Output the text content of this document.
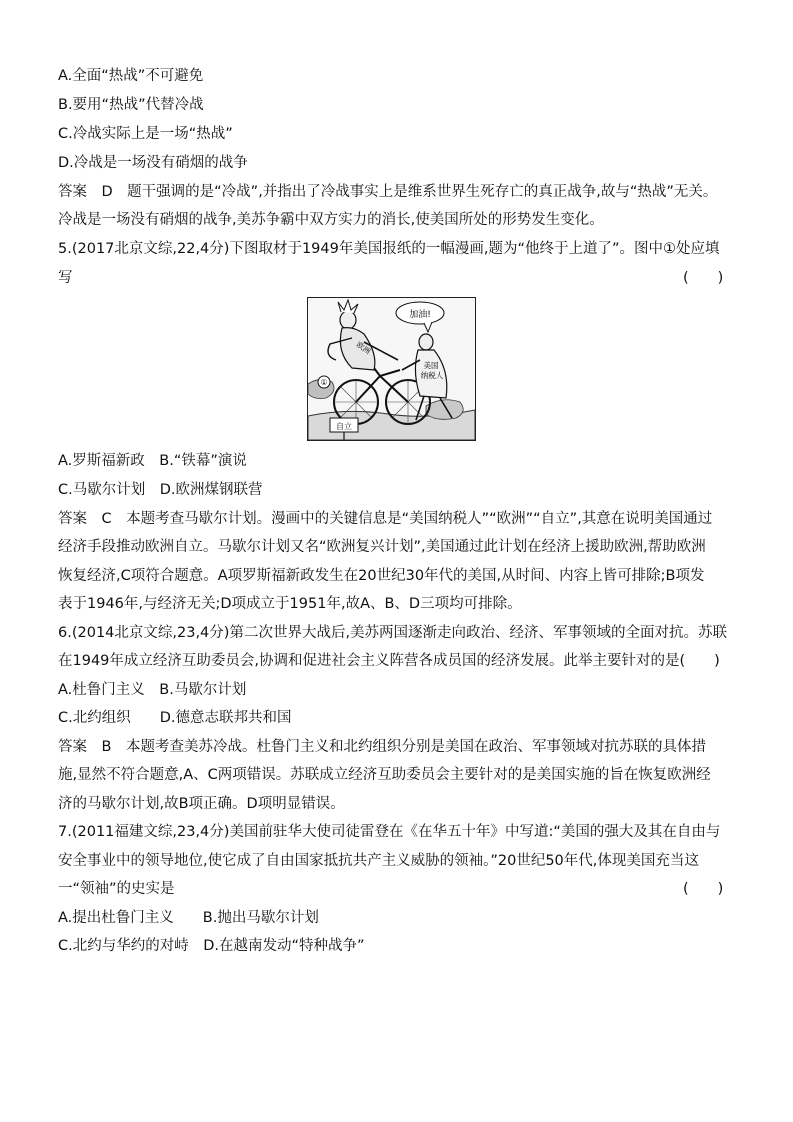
A.全面“热战”不可避免
B.要用“热战”代替冷战
C.冷战实际上是一场“热战”
D.冷战是一场没有硝烟的战争
答案　D　题干强调的是“冷战”,并指出了冷战事实上是维系世界生死存亡的真正战争,故与“热战”无关。
冷战是一场没有硝烟的战争,美苏争霸中双方实力的消长,使美国所处的形势发生变化。
5.(2017北京文综,22,4分)下图取材于1949年美国报纸的一幅漫画,题为“他终于上道了”。图中①处应填
写	(　　)
加油!
欧洲
美国
纳税人
①
自立
A.罗斯福新政　B.“铁幕”演说
C.马歇尔计划　D.欧洲煤钢联营
答案　C　本题考查马歇尔计划。漫画中的关键信息是“美国纳税人”“欧洲”“自立”,其意在说明美国通过
经济手段推动欧洲自立。马歇尔计划又名“欧洲复兴计划”,美国通过此计划在经济上援助欧洲,帮助欧洲
恢复经济,C项符合题意。A项罗斯福新政发生在20世纪30年代的美国,从时间、内容上皆可排除;B项发
表于1946年,与经济无关;D项成立于1951年,故A、B、D三项均可排除。
6.(2014北京文综,23,4分)第二次世界大战后,美苏两国逐渐走向政治、经济、军事领域的全面对抗。苏联
在1949年成立经济互助委员会,协调和促进社会主义阵营各成员国的经济发展。此举主要针对的是(　　)
A.杜鲁门主义　B.马歇尔计划
C.北约组织　　D.德意志联邦共和国
答案　B　本题考查美苏冷战。杜鲁门主义和北约组织分别是美国在政治、军事领域对抗苏联的具体措
施,显然不符合题意,A、C两项错误。苏联成立经济互助委员会主要针对的是美国实施的旨在恢复欧洲经
济的马歇尔计划,故B项正确。D项明显错误。
7.(2011福建文综,23,4分)美国前驻华大使司徒雷登在《在华五十年》中写道:“美国的强大及其在自由与
安全事业中的领导地位,使它成了自由国家抵抗共产主义威胁的领袖。”20世纪50年代,体现美国充当这
一“领袖”的史实是	(　　)
A.提出杜鲁门主义　　B.抛出马歇尔计划
C.北约与华约的对峙　D.在越南发动“特种战争”
